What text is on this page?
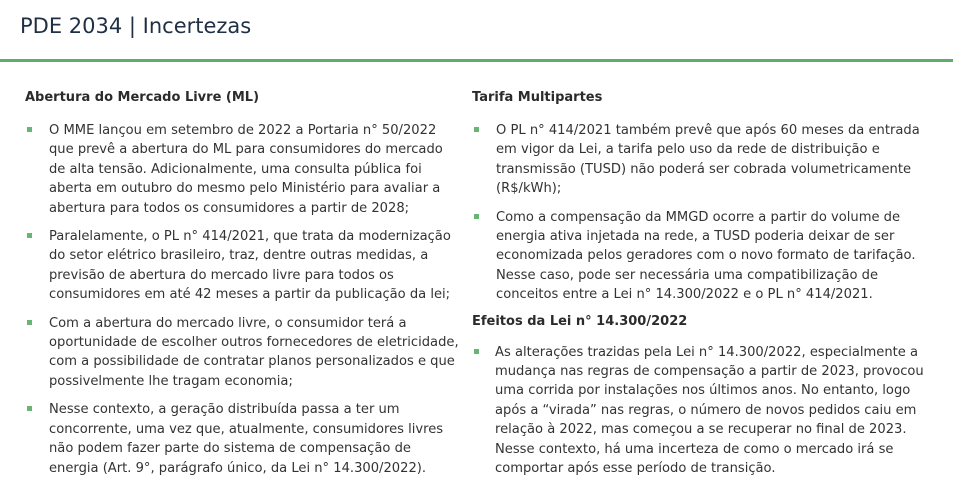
PDE 2034 | Incertezas

Abertura do Mercado Livre (ML)

O MME lançou em setembro de 2022 a Portaria n° 50/2022 que prevê a abertura do ML para consumidores do mercado de alta tensão. Adicionalmente, uma consulta pública foi aberta em outubro do mesmo pelo Ministério para avaliar a abertura para todos os consumidores a partir de 2028;
Paralelamente, o PL n° 414/2021, que trata da modernização do setor elétrico brasileiro, traz, dentre outras medidas, a previsão de abertura do mercado livre para todos os consumidores em até 42 meses a partir da publicação da lei;
Com a abertura do mercado livre, o consumidor terá a oportunidade de escolher outros fornecedores de eletricidade, com a possibilidade de contratar planos personalizados e que possivelmente lhe tragam economia;
Nesse contexto, a geração distribuída passa a ter um concorrente, uma vez que, atualmente, consumidores livres não podem fazer parte do sistema de compensação de energia (Art. 9°, parágrafo único, da Lei n° 14.300/2022).

Tarifa Multipartes

O PL n° 414/2021 também prevê que após 60 meses da entrada em vigor da Lei, a tarifa pelo uso da rede de distribuição e transmissão (TUSD) não poderá ser cobrada volumetricamente (R$/kWh);
Como a compensação da MMGD ocorre a partir do volume de energia ativa injetada na rede, a TUSD poderia deixar de ser economizada pelos geradores com o novo formato de tarifação. Nesse caso, pode ser necessária uma compatibilização de conceitos entre a Lei n° 14.300/2022 e o PL n° 414/2021.

Efeitos da Lei n° 14.300/2022

As alterações trazidas pela Lei n° 14.300/2022, especialmente a mudança nas regras de compensação a partir de 2023, provocou uma corrida por instalações nos últimos anos. No entanto, logo após a “virada” nas regras, o número de novos pedidos caiu em relação à 2022, mas começou a se recuperar no final de 2023. Nesse contexto, há uma incerteza de como o mercado irá se comportar após esse período de transição.
